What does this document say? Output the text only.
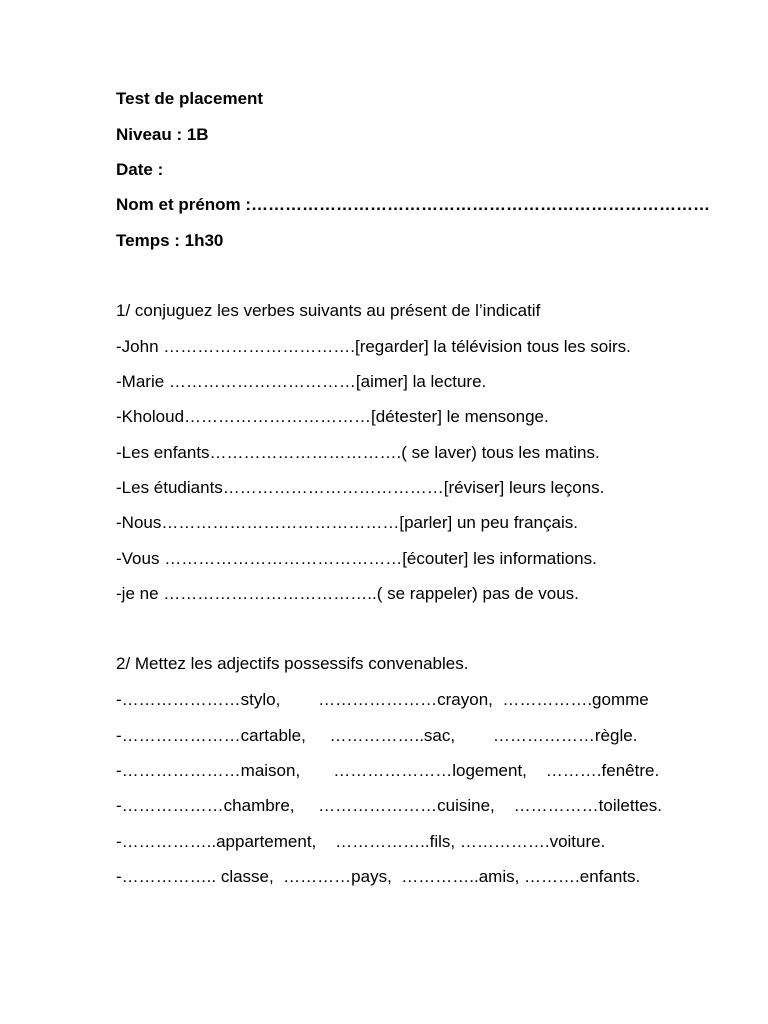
Test de placement
Niveau : 1B
Date :
Nom et prénom :………………………………………………………………………
Temps : 1h30
1/ conjuguez les verbes suivants au présent de l’indicatif
-John …………………………….[regarder] la télévision tous les soirs.
-Marie ……………………………[aimer] la lecture.
-Kholoud……………………………[détester] le mensonge.
-Les enfants…………………………….( se laver) tous les matins.
-Les étudiants…………………………………[réviser] leurs leçons.
-Nous……………………………………[parler] un peu français.
-Vous ……………………………………[écouter] les informations.
-je ne ………………………………..( se rappeler) pas de vous.
2/ Mettez les adjectifs possessifs convenables.
-…………………stylo,        …………………crayon,  …………….gomme
-…………………cartable,     ……………..sac,        ………………règle.
-…………………maison,       …………………logement,    ……….fenêtre.
-………………chambre,     …………………cuisine,    ……………toilettes.
-……………..appartement,    ……………..fils, …………….voiture.
-…………….. classe,  …………pays,  …………..amis, ……….enfants.
